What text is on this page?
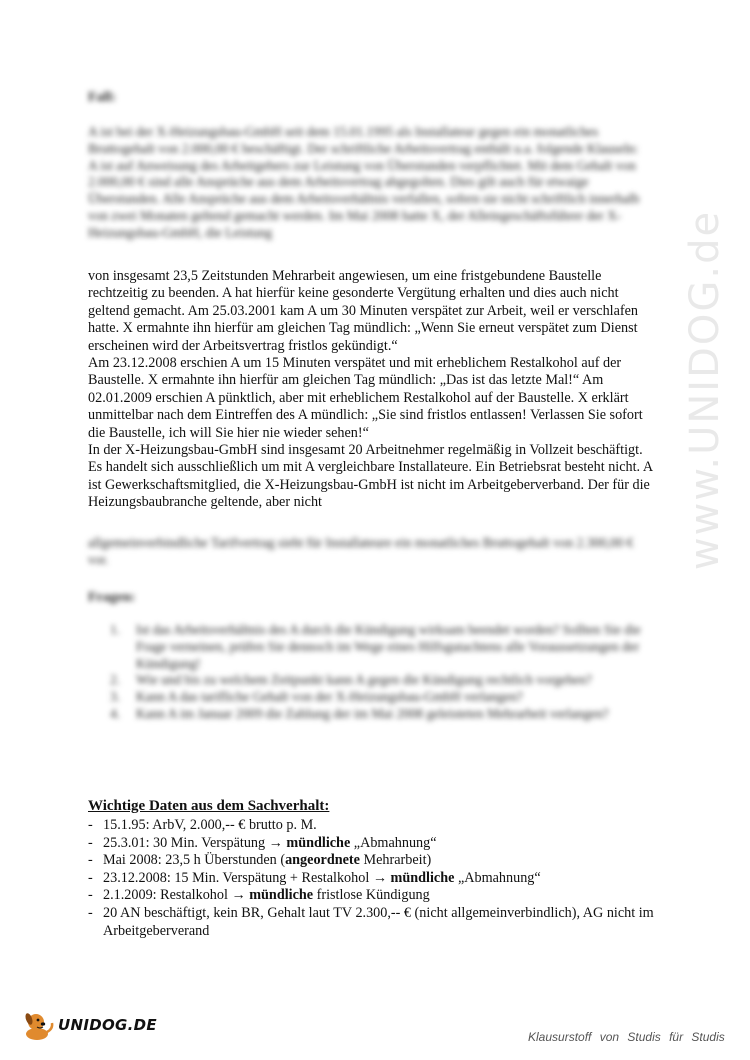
Fall:

A ist bei der X-Heizungsbau-GmbH seit dem 15.01.1995 als Installateur gegen ein monatliches Bruttogehalt von 2.000,00 € beschäftigt. Der schriftliche Arbeitsvertrag enthält u.a. folgende Klauseln: A ist auf Anweisung des Arbeitgebers zur Leistung von Überstunden verpflichtet. Mit dem Gehalt von 2.000,00 € sind alle Ansprüche aus dem Arbeitsvertrag abgegolten. Dies gilt auch für etwaige Überstunden. Alle Ansprüche aus dem Arbeitsverhältnis verfallen, sofern sie nicht schriftlich innerhalb von zwei Monaten geltend gemacht werden. Im Mai 2008 hatte X, der Alleingeschäftsführer der X-Heizungsbau-GmbH, die Leistung

von insgesamt 23,5 Zeitstunden Mehrarbeit angewiesen, um eine fristgebundene Baustelle rechtzeitig zu beenden. A hat hierfür keine gesonderte Vergütung erhalten und dies auch nicht geltend gemacht. Am 25.03.2001 kam A um 30 Minuten verspätet zur Arbeit, weil er verschlafen hatte. X ermahnte ihn hierfür am gleichen Tag mündlich: „Wenn Sie erneut verspätet zum Dienst erscheinen wird der Arbeitsvertrag fristlos gekündigt.“

Am 23.12.2008 erschien A um 15 Minuten verspätet und mit erheblichem Restalkohol auf der Baustelle. X ermahnte ihn hierfür am gleichen Tag mündlich: „Das ist das letzte Mal!“ Am 02.01.2009 erschien A pünktlich, aber mit erheblichem Restalkohol auf der Baustelle. X erklärt unmittelbar nach dem Eintreffen des A mündlich: „Sie sind fristlos entlassen! Verlassen Sie sofort die Baustelle, ich will Sie hier nie wieder sehen!“

In der X-Heizungsbau-GmbH sind insgesamt 20 Arbeitnehmer regelmäßig in Vollzeit beschäftigt. Es handelt sich ausschließlich um mit A vergleichbare Installateure. Ein Betriebsrat besteht nicht. A ist Gewerkschaftsmitglied, die X-Heizungsbau-GmbH ist nicht im Arbeitgeberverband. Der für die Heizungsbaubranche geltende, aber nicht

allgemeinverbindliche Tarifvertrag sieht für Installateure ein monatliches Bruttogehalt von 2.300,00 € vor.

Fragen:

1.	Ist das Arbeitsverhältnis des A durch die Kündigung wirksam beendet worden? Sollten Sie die Frage verneinen, prüfen Sie dennoch im Wege eines Hilfsgutachtens alle Voraussetzungen der Kündigung!
2.	Wie und bis zu welchem Zeitpunkt kann A gegen die Kündigung rechtlich vorgehen?
3.	Kann A das tarifliche Gehalt von der X-Heizungsbau-GmbH verlangen?
4.	Kann A im Januar 2009 die Zahlung der im Mai 2008 geleisteten Mehrarbeit verlangen?

Wichtige Daten aus dem Sachverhalt:

- 15.1.95: ArbV, 2.000,-- € brutto p. M.
- 25.3.01: 30 Min. Verspätung → mündliche „Abmahnung“
- Mai 2008: 23,5 h Überstunden (angeordnete Mehrarbeit)
- 23.12.2008: 15 Min. Verspätung + Restalkohol → mündliche „Abmahnung“
- 2.1.2009: Restalkohol → mündliche fristlose Kündigung
- 20 AN beschäftigt, kein BR, Gehalt laut TV 2.300,-- € (nicht allgemeinverbindlich), AG nicht im Arbeitgeberverand
www.UNIDOG.de
UNIDOG.DE
Klausurstoff von Studis für Studis
